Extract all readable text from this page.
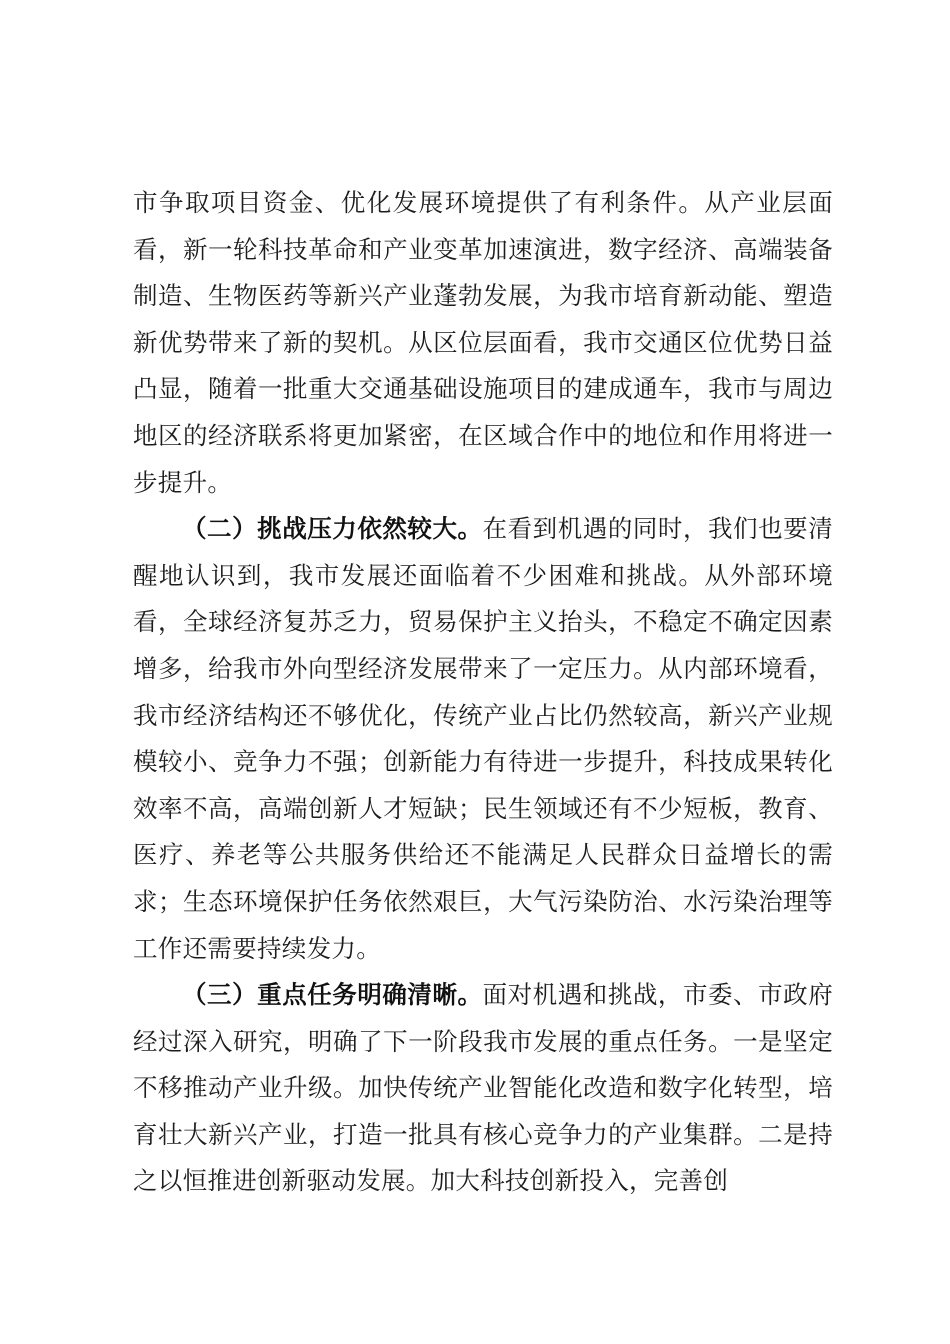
市争取项目资金、优化发展环境提供了有利条件。从产业层面看，新一轮科技革命和产业变革加速演进，数字经济、高端装备制造、生物医药等新兴产业蓬勃发展，为我市培育新动能、塑造新优势带来了新的契机。从区位层面看，我市交通区位优势日益凸显，随着一批重大交通基础设施项目的建成通车，我市与周边地区的经济联系将更加紧密，在区域合作中的地位和作用将进一步提升。

（二）挑战压力依然较大。在看到机遇的同时，我们也要清醒地认识到，我市发展还面临着不少困难和挑战。从外部环境看，全球经济复苏乏力，贸易保护主义抬头，不稳定不确定因素增多，给我市外向型经济发展带来了一定压力。从内部环境看，我市经济结构还不够优化，传统产业占比仍然较高，新兴产业规模较小、竞争力不强；创新能力有待进一步提升，科技成果转化效率不高，高端创新人才短缺；民生领域还有不少短板，教育、医疗、养老等公共服务供给还不能满足人民群众日益增长的需求；生态环境保护任务依然艰巨，大气污染防治、水污染治理等工作还需要持续发力。

（三）重点任务明确清晰。面对机遇和挑战，市委、市政府经过深入研究，明确了下一阶段我市发展的重点任务。一是坚定不移推动产业升级。加快传统产业智能化改造和数字化转型，培育壮大新兴产业，打造一批具有核心竞争力的产业集群。二是持之以恒推进创新驱动发展。加大科技创新投入，完善创
